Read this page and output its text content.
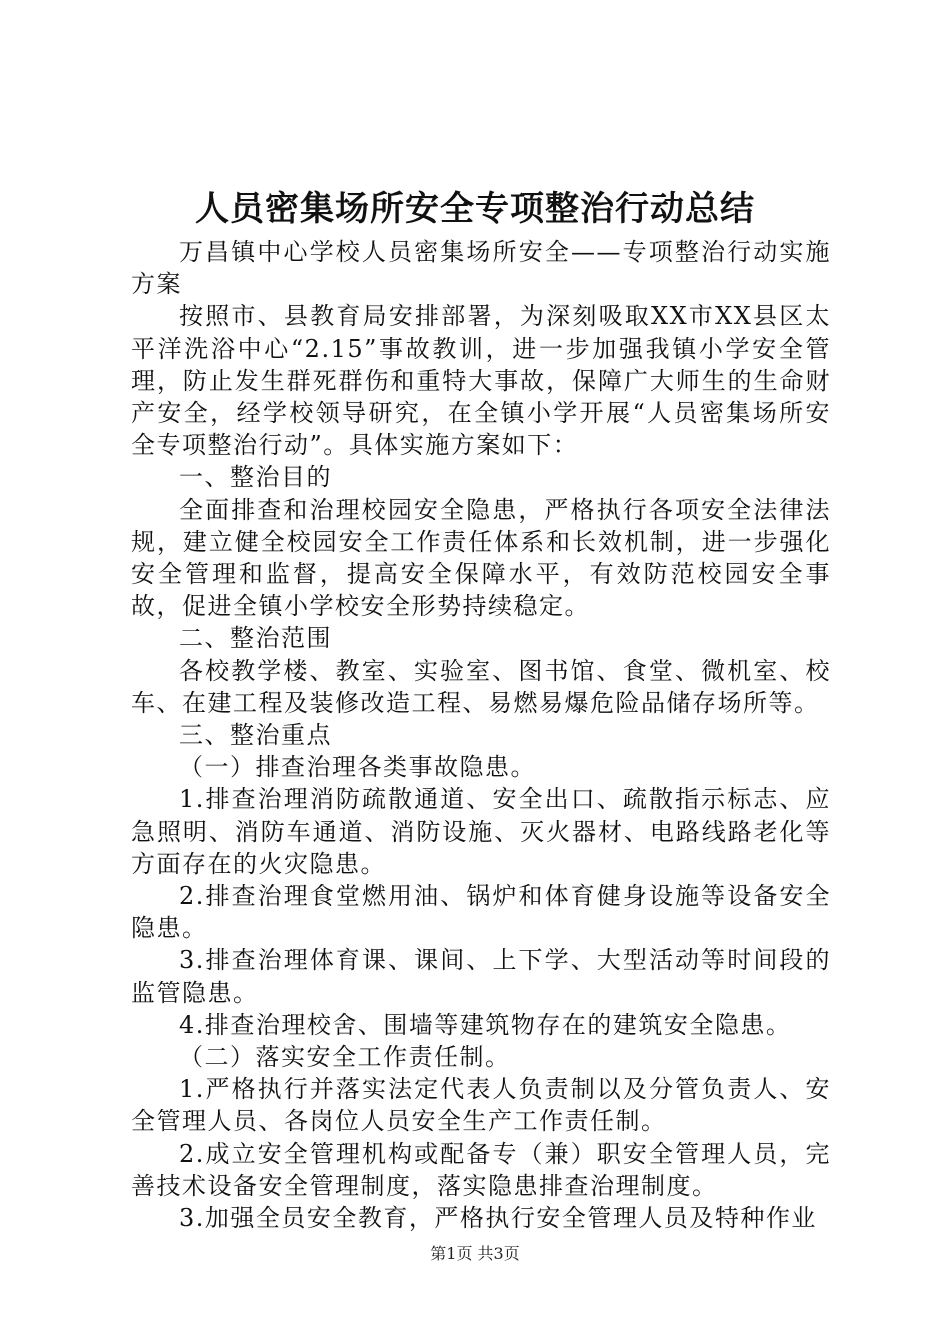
人员密集场所安全专项整治行动总结

万昌镇中心学校人员密集场所安全——专项整治行动实施方案

按照市、县教育局安排部署，为深刻吸取XX市XX县区太平洋洗浴中心“2.15”事故教训，进一步加强我镇小学安全管理，防止发生群死群伤和重特大事故，保障广大师生的生命财产安全，经学校领导研究，在全镇小学开展“人员密集场所安全专项整治行动”。具体实施方案如下：

一、整治目的

全面排查和治理校园安全隐患，严格执行各项安全法律法规，建立健全校园安全工作责任体系和长效机制，进一步强化安全管理和监督，提高安全保障水平，有效防范校园安全事故，促进全镇小学校安全形势持续稳定。

二、整治范围

各校教学楼、教室、实验室、图书馆、食堂、微机室、校车、在建工程及装修改造工程、易燃易爆危险品储存场所等。

三、整治重点

（一）排查治理各类事故隐患。

1.排查治理消防疏散通道、安全出口、疏散指示标志、应急照明、消防车通道、消防设施、灭火器材、电路线路老化等方面存在的火灾隐患。

2.排查治理食堂燃用油、锅炉和体育健身设施等设备安全隐患。

3.排查治理体育课、课间、上下学、大型活动等时间段的监管隐患。

4.排查治理校舍、围墙等建筑物存在的建筑安全隐患。

（二）落实安全工作责任制。

1.严格执行并落实法定代表人负责制以及分管负责人、安全管理人员、各岗位人员安全生产工作责任制。

2.成立安全管理机构或配备专（兼）职安全管理人员，完善技术设备安全管理制度，落实隐患排查治理制度。

3.加强全员安全教育，严格执行安全管理人员及特种作业

第1页 共3页
